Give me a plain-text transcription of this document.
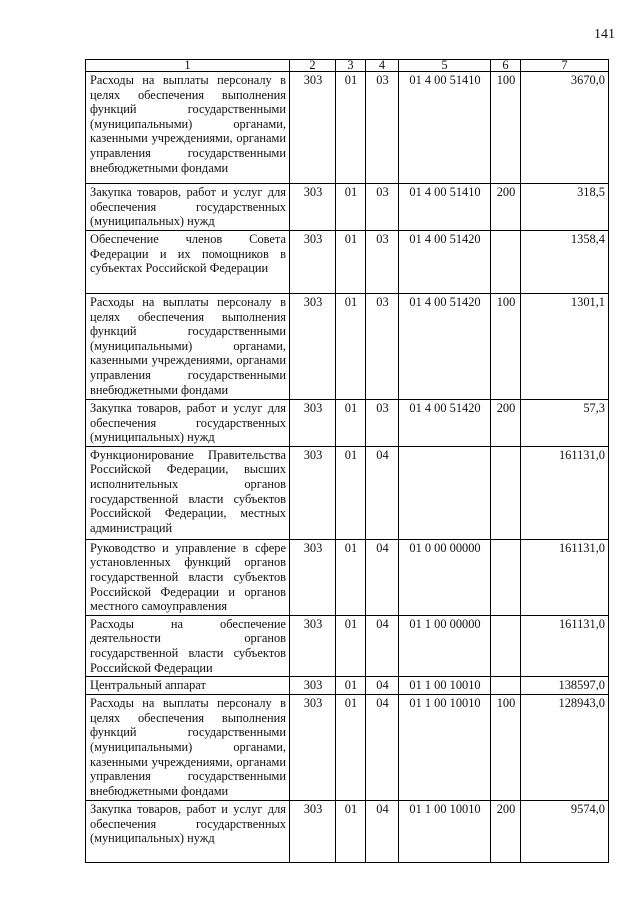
141
1	2	3	4	5	6	7
Расходы на выплаты персоналу в целях обеспечения выполнения функций государственными (муниципальными) органами, казенными учреждениями, органами управления государственными внебюджетными фондами	303	01	03	01 4 00 51410	100	3670,0
Закупка товаров, работ и услуг для обеспечения государственных (муниципальных) нужд	303	01	03	01 4 00 51410	200	318,5
Обеспечение членов Совета Федерации и их помощников в субъектах Российской Федерации	303	01	03	01 4 00 51420		1358,4
Расходы на выплаты персоналу в целях обеспечения выполнения функций государственными (муниципальными) органами, казенными учреждениями, органами управления государственными внебюджетными фондами	303	01	03	01 4 00 51420	100	1301,1
Закупка товаров, работ и услуг для обеспечения государственных (муниципальных) нужд	303	01	03	01 4 00 51420	200	57,3
Функционирование Правительства Российской Федерации, высших исполнительных органов государственной власти субъектов Российской Федерации, местных администраций	303	01	04			161131,0
Руководство и управление в сфере установленных функций органов государственной власти субъектов Российской Федерации и органов местного самоуправления	303	01	04	01 0 00 00000		161131,0
Расходы на обеспечение деятельности органов государственной власти субъектов Российской Федерации	303	01	04	01 1 00 00000		161131,0
Центральный аппарат	303	01	04	01 1 00 10010		138597,0
Расходы на выплаты персоналу в целях обеспечения выполнения функций государственными (муниципальными) органами, казенными учреждениями, органами управления государственными внебюджетными фондами	303	01	04	01 1 00 10010	100	128943,0
Закупка товаров, работ и услуг для обеспечения государственных (муниципальных) нужд	303	01	04	01 1 00 10010	200	9574,0
